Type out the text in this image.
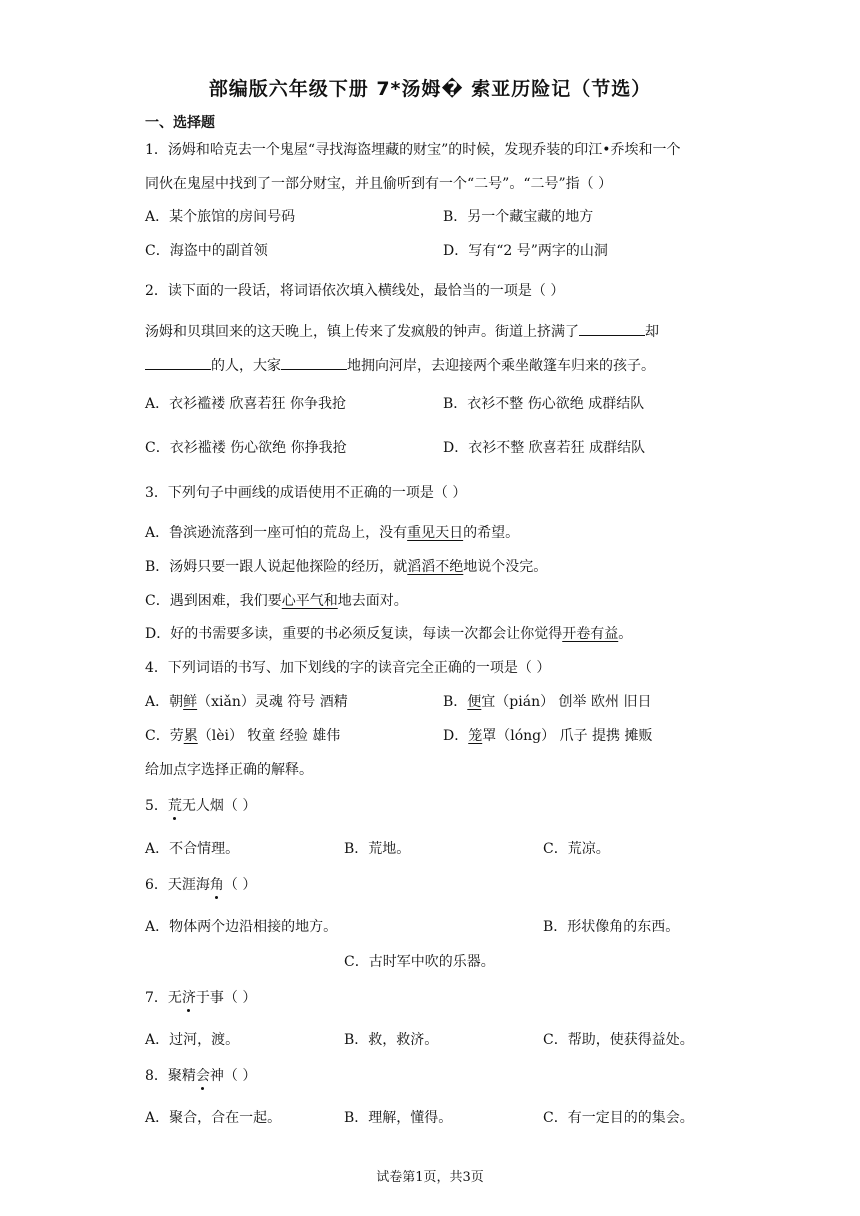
部编版六年级下册 7*汤姆� 索亚历险记（节选）
一、选择题
1．汤姆和哈克去一个鬼屋“寻找海盗埋藏的财宝”的时候，发现乔装的印江•乔埃和一个
同伙在鬼屋中找到了一部分财宝，并且偷听到有一个“二号”。“二号”指（ ）
A．某个旅馆的房间号码	B．另一个藏宝藏的地方
C．海盗中的副首领	D．写有“2 号”两字的山洞
2．读下面的一段话，将词语依次填入横线处，最恰当的一项是（ ）
汤姆和贝琪回来的这天晚上，镇上传来了发疯般的钟声。街道上挤满了	却
的人，大家	地拥向河岸，去迎接两个乘坐敞篷车归来的孩子。
A．衣衫褴褛 欣喜若狂 你争我抢	B．衣衫不整 伤心欲绝 成群结队
C．衣衫褴褛 伤心欲绝 你挣我抢	D．衣衫不整 欣喜若狂 成群结队
3．下列句子中画线的成语使用不正确的一项是（ ）
A．鲁滨逊流落到一座可怕的荒岛上，没有重见天日的希望。
B．汤姆只要一跟人说起他探险的经历，就滔滔不绝地说个没完。
C．遇到困难，我们要心平气和地去面对。
D．好的书需要多读，重要的书必须反复读，每读一次都会让你觉得开卷有益。
4．下列词语的书写、加下划线的字的读音完全正确的一项是（ ）
A．朝鲜（xiǎn）灵魂 符号 酒精	B．便宜（pián） 创举 欧州 旧日
C．劳累（lèi） 牧童 经验 雄伟	D．笼罩（lóng） 爪子 提携 摊贩
给加点字选择正确的解释。
5．荒无人烟（ ）
A．不合情理。	B．荒地。	C．荒凉。
6．天涯海角（ ）
A．物体两个边沿相接的地方。	B．形状像角的东西。
C．古时军中吹的乐器。
7．无济于事（ ）
A．过河，渡。	B．救，救济。	C．帮助，使获得益处。
8．聚精会神（ ）
A．聚合，合在一起。	B．理解，懂得。	C．有一定目的的集会。
试卷第1页，共3页
